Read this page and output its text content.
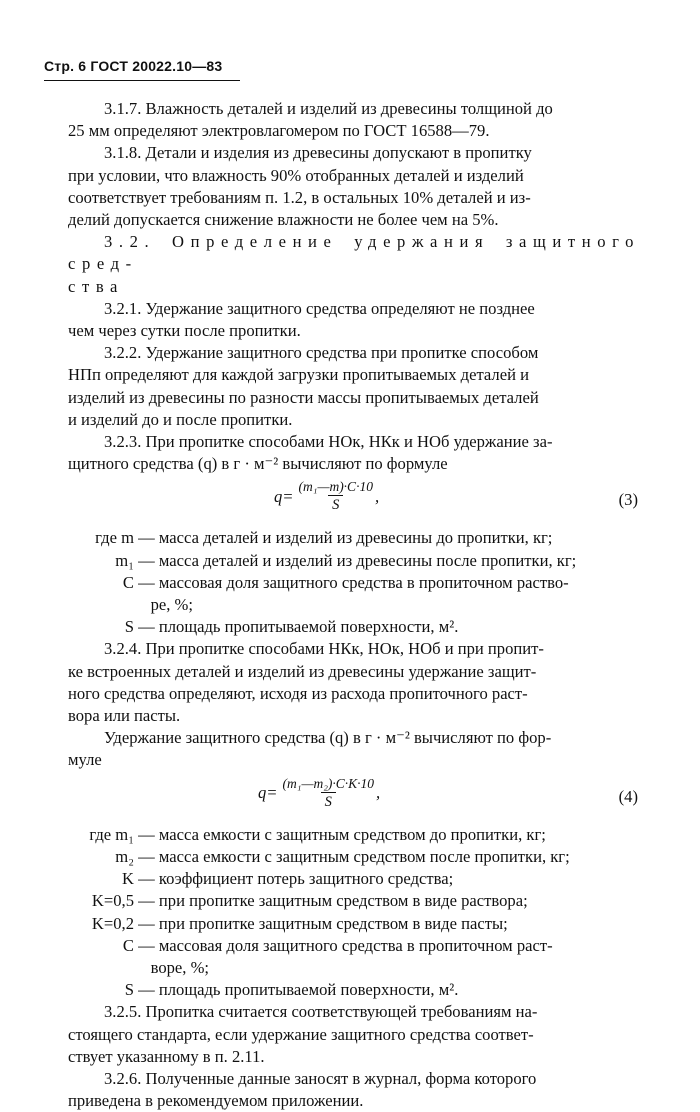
Стр. 6 ГОСТ 20022.10—83
3.1.7. Влажность деталей и изделий из древесины толщиной до
25 мм определяют электровлагомером по ГОСТ 16588—79.
3.1.8. Детали и изделия из древесины допускают в пропитку
при условии, что влажность 90% отобранных деталей и изделий
соответствует требованиям п. 1.2, в остальных 10% деталей и из-
делий допускается снижение влажности не более чем на 5%.
3.2. Определение удержания защитного сред-
ства
3.2.1. Удержание защитного средства определяют не позднее
чем через сутки после пропитки.
3.2.2. Удержание защитного средства при пропитке способом
НПп определяют для каждой загрузки пропитываемых деталей и
изделий из древесины по разности массы пропитываемых деталей
и изделий до и после пропитки.
3.2.3. При пропитке способами НОк, НКк и НОб удержание за-
щитного средства (q) в г · м⁻² вычисляют по формуле
$q= \frac{\text{(m₁—m)·C·10}}{S}$ ,	(3)
где m — масса деталей и изделий из древесины до пропитки, кг;
m₁ — масса деталей и изделий из древесины после пропитки, кг;
C — массовая доля защитного средства в пропиточном раство-

ре, %;
S — площадь пропитываемой поверхности, м².
3.2.4. При пропитке способами НКк, НОк, НОб и при пропит-
ке встроенных деталей и изделий из древесины удержание защит-
ного средства определяют, исходя из расхода пропиточного раст-
вора или пасты.
Удержание защитного средства (q) в г · м⁻² вычисляют по фор-
муле
$q= \frac{\text{(m₁—m₂)·C·K·10}}{S}$ ,	(4)
где m₁ — масса емкости с защитным средством до пропитки, кг;
m₂ — масса емкости с защитным средством после пропитки, кг;
K — коэффициент потерь защитного средства;
K=0,5 — при пропитке защитным средством в виде раствора;
K=0,2 — при пропитке защитным средством в виде пасты;
C — массовая доля защитного средства в пропиточном раст-

воре, %;
S — площадь пропитываемой поверхности, м².
3.2.5. Пропитка считается соответствующей требованиям на-
стоящего стандарта, если удержание защитного средства соответ-
ствует указанному в п. 2.11.
3.2.6. Полученные данные заносят в журнал, форма которого
приведена в рекомендуемом приложении.
